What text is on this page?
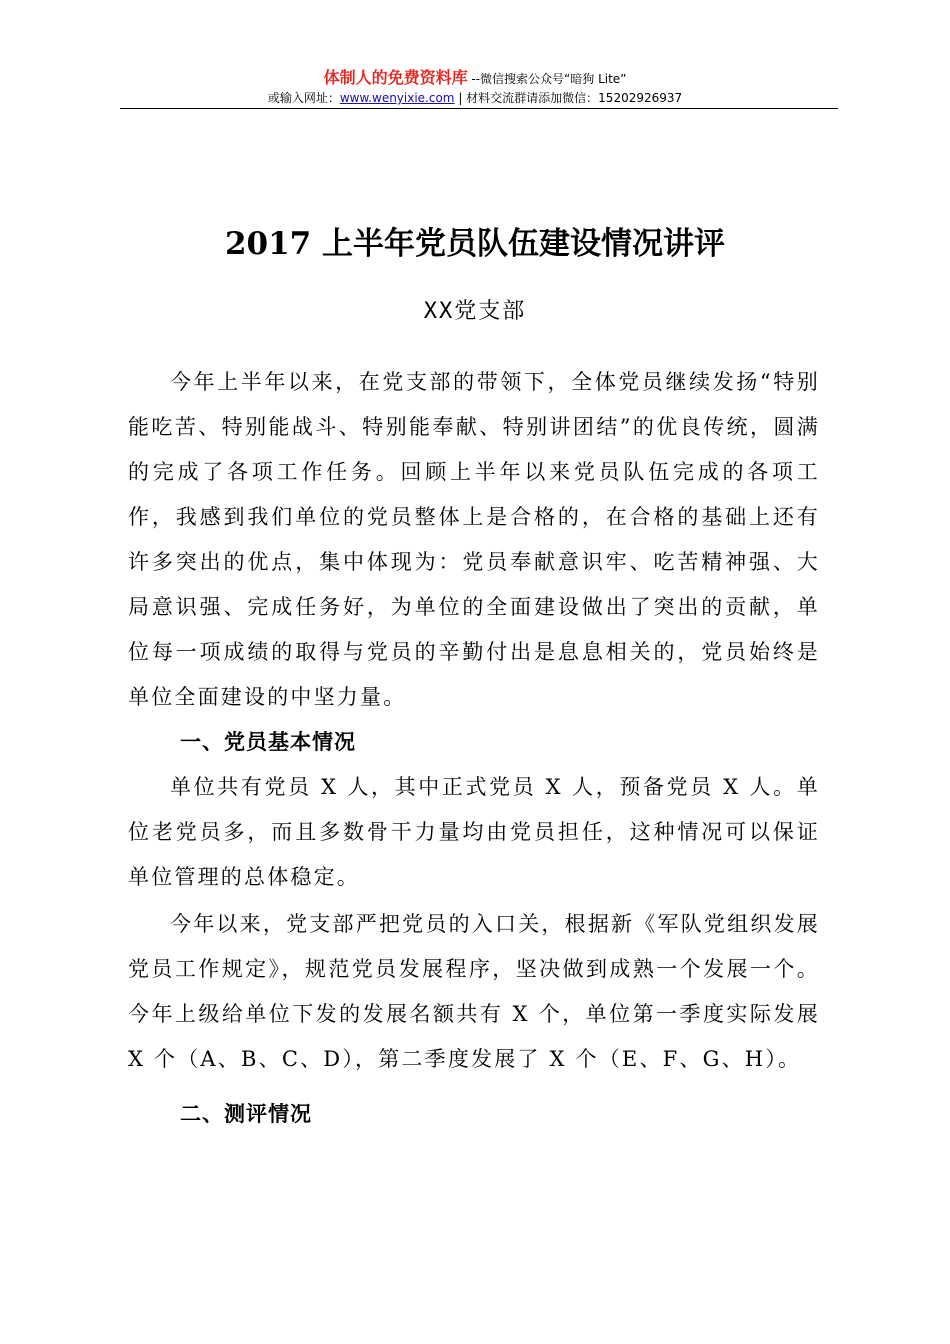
体制人的免费资料库 --微信搜索公众号“暗狗 Lite”
或输入网址：www.wenyixie.com | 材料交流群请添加微信：15202926937
2017 上半年党员队伍建设情况讲评
XX党支部

今年上半年以来，在党支部的带领下，全体党员继续发扬“特别能吃苦、特别能战斗、特别能奉献、特别讲团结”的优良传统，圆满的完成了各项工作任务。回顾上半年以来党员队伍完成的各项工作，我感到我们单位的党员整体上是合格的，在合格的基础上还有许多突出的优点，集中体现为：党员奉献意识牢、吃苦精神强、大局意识强、完成任务好，为单位的全面建设做出了突出的贡献，单位每一项成绩的取得与党员的辛勤付出是息息相关的，党员始终是单位全面建设的中坚力量。

一、党员基本情况

单位共有党员 X 人，其中正式党员 X 人，预备党员 X 人。单位老党员多，而且多数骨干力量均由党员担任，这种情况可以保证单位管理的总体稳定。

今年以来，党支部严把党员的入口关，根据新《军队党组织发展党员工作规定》，规范党员发展程序，坚决做到成熟一个发展一个。今年上级给单位下发的发展名额共有 X 个，单位第一季度实际发展 X 个（A、B、C、D），第二季度发展了 X 个（E、F、G、H）。

二、测评情况
